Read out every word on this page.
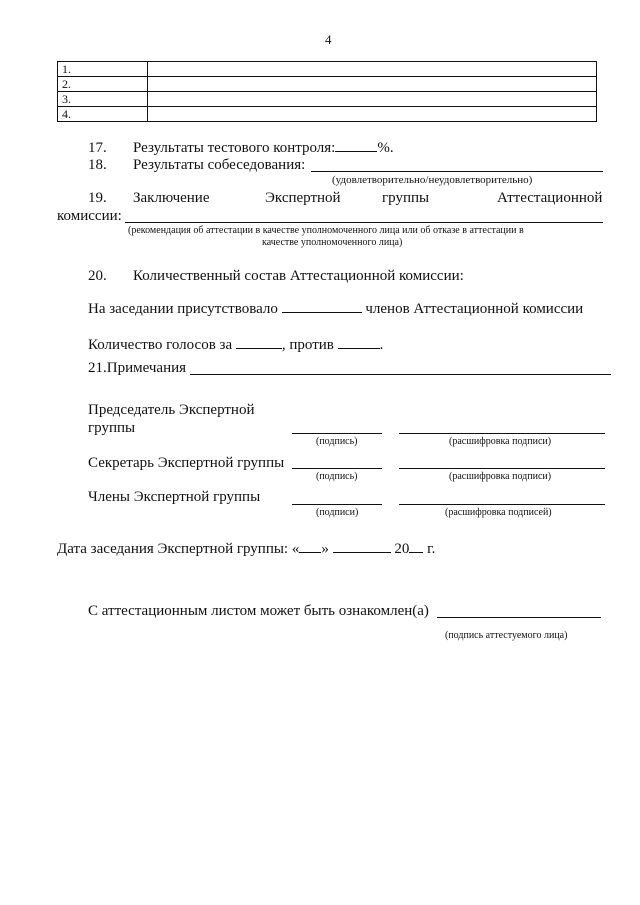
4
1.	
2.	
3.	
4.	
17. Результаты тестового контроля:	%.
18. Результаты собеседования:
(удовлетворительно/неудовлетворительно)
19. Заключение	Экспертной	группы	Аттестационной
комиссии:
(рекомендация об аттестации в качестве уполномоченного лица или об отказе в аттестации в
качестве уполномоченного лица)
20. Количественный состав Аттестационной комиссии:
На заседании присутствовало	членов Аттестационной комиссии
Количество голосов за	, против	.
21.Примечания
Председатель Экспертной
группы
(подпись)	(расшифровка подписи)
Секретарь Экспертной группы
(подпись)	(расшифровка подписи)
Члены Экспертной группы
(подписи)	(расшифровка подписей)
Дата заседания Экспертной группы: « »	20 г.
С аттестационным листом может быть ознакомлен(а)
(подпись аттестуемого лица)
